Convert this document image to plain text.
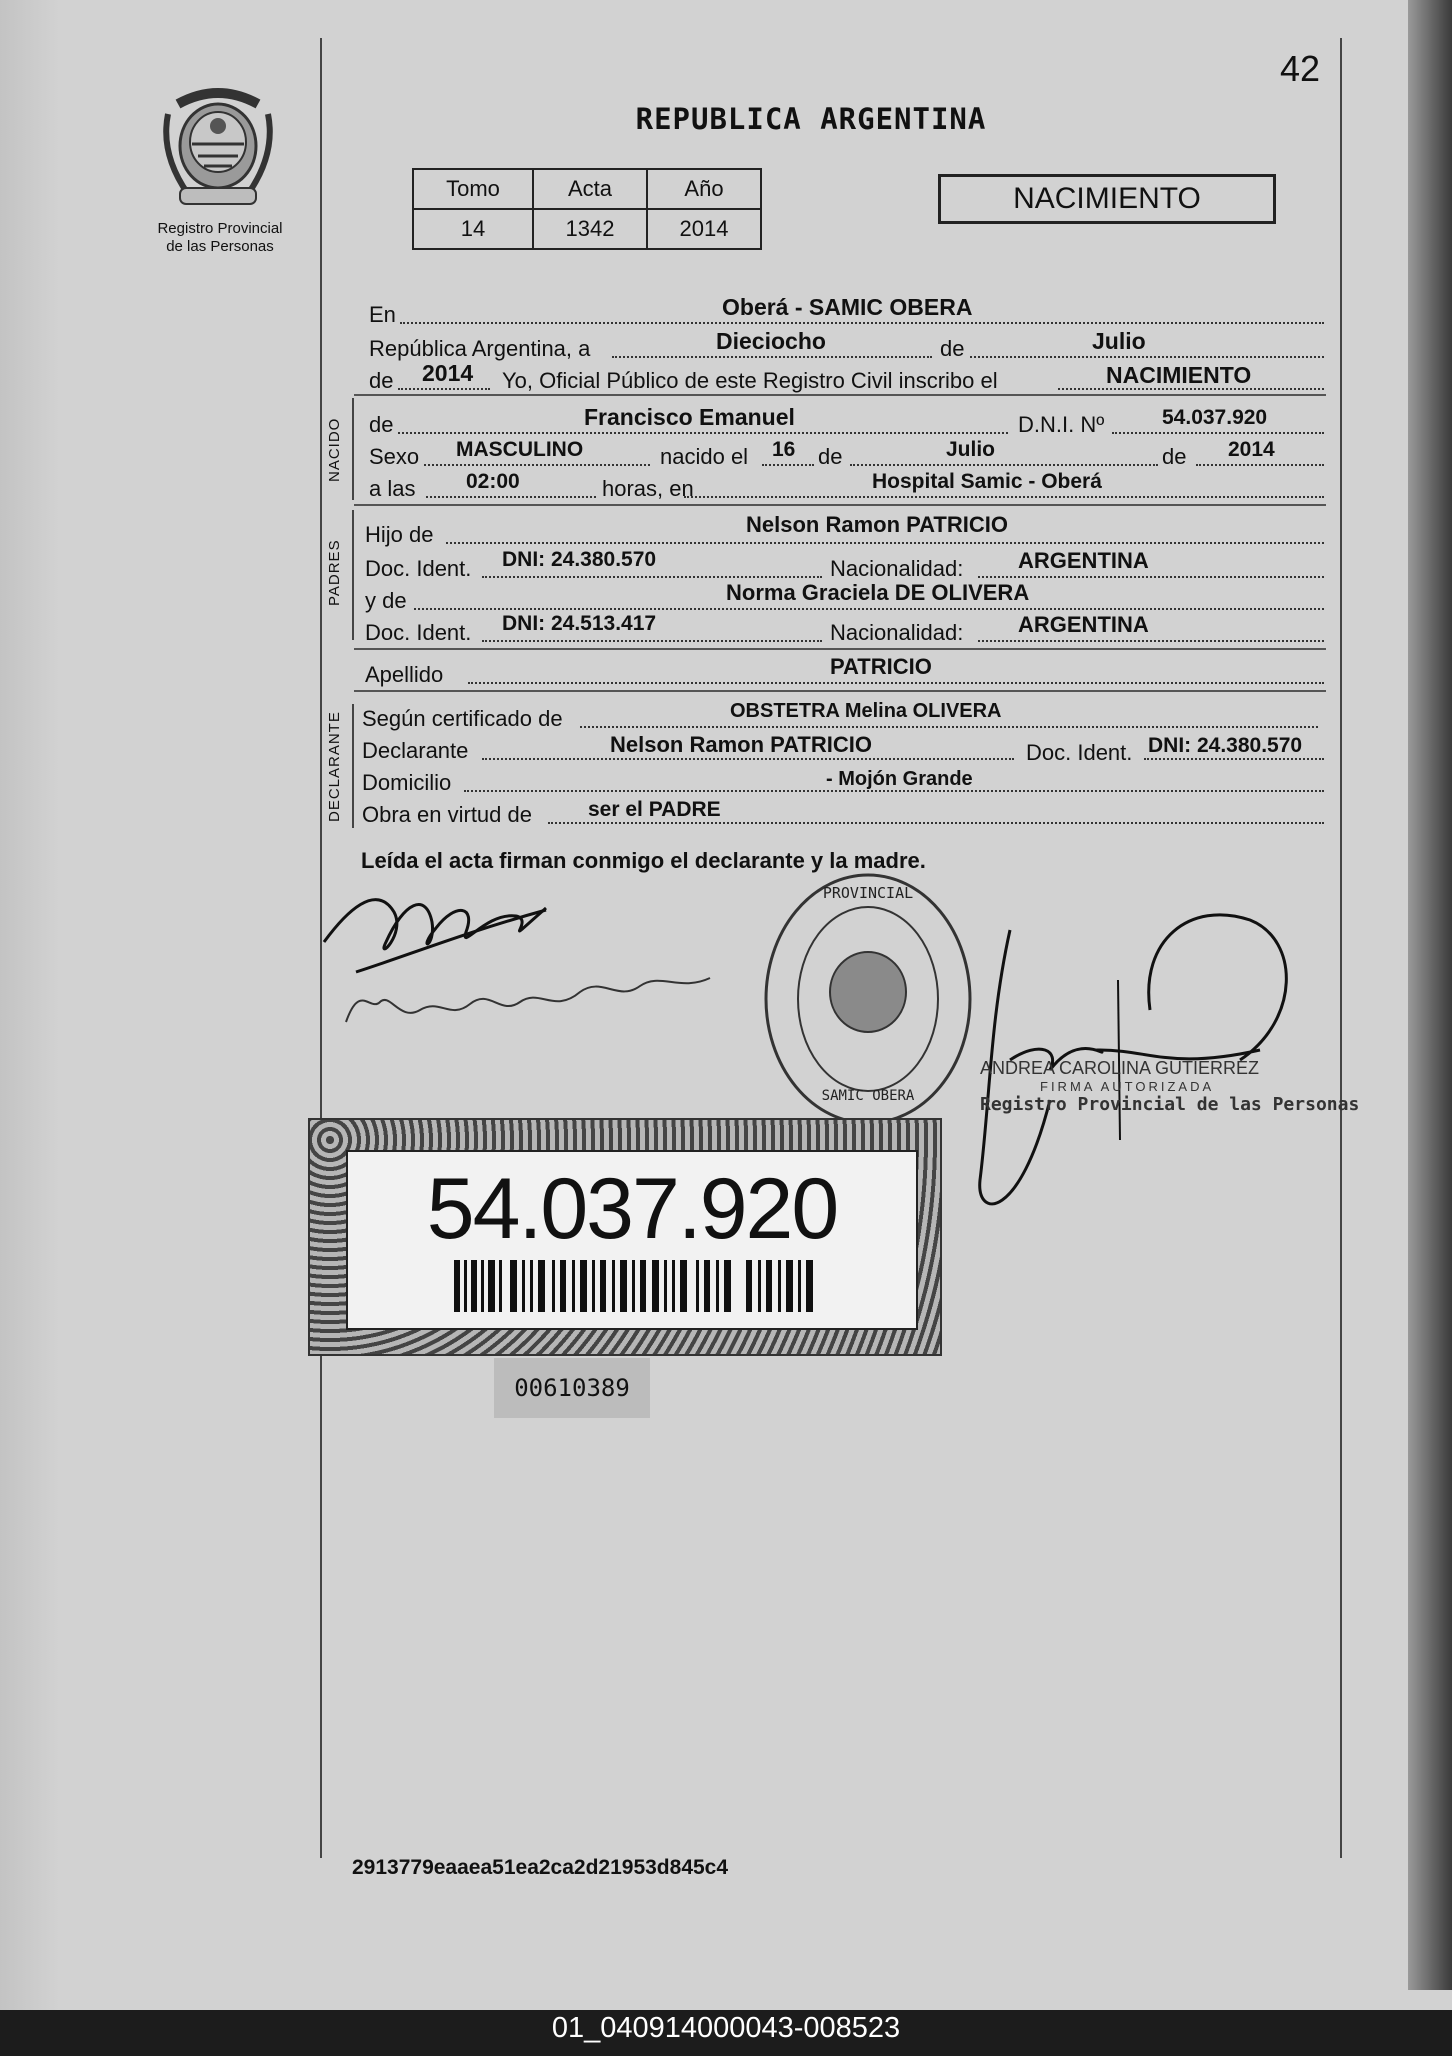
Registro Provincial
de las Personas
42
REPUBLICA ARGENTINA
Tomo	Acta	Año
14	1342	2014
NACIMIENTO
En	Oberá - SAMIC OBERA
República Argentina, a	Dieciocho	de	Julio
de 2014 Yo, Oficial Público de este Registro Civil inscribo el	NACIMIENTO
NACIDO de	Francisco Emanuel	D.N.I. Nº	54.037.920
Sexo MASCULINO	nacido el 16 de	Julio	de 2014
a las 02:00	horas, en	Hospital Samic - Oberá
PADRES
Hijo de	Nelson Ramon PATRICIO
Doc. Ident. DNI: 24.380.570	Nacionalidad: ARGENTINA
y de	Norma Graciela DE OLIVERA
Doc. Ident. DNI: 24.513.417	Nacionalidad: ARGENTINA
Apellido	PATRICIO
DECLARANTE Según certificado de	OBSTETRA Melina OLIVERA
Declarante	Nelson Ramon PATRICIO	Doc. Ident. DNI: 24.380.570
Domicilio	- Mojón Grande
Obra en virtud de	ser el PADRE
Leída el acta firman conmigo el declarante y la madre.
PROVINCIAL
SAMIC OBERA
ANDREA CAROLINA GUTIERREZ
FIRMA AUTORIZADA
Registro Provincial de las Personas
54.037.920
00610389
2913779eaaea51ea2ca2d21953d845c4
01_040914000043-008523
